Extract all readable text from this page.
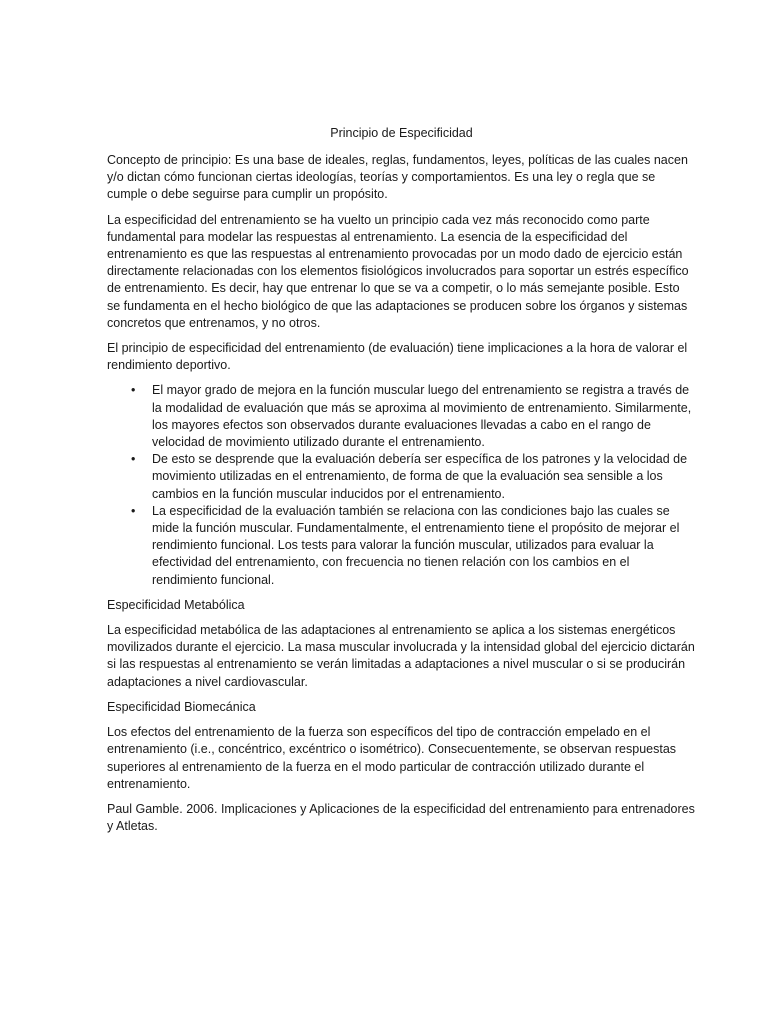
Principio de Especificidad

Concepto de principio: Es una base de ideales, reglas, fundamentos, leyes, políticas de las cuales nacen y/o dictan cómo funcionan ciertas ideologías, teorías y comportamientos. Es una ley o regla que se cumple o debe seguirse para cumplir un propósito.

La especificidad del entrenamiento se ha vuelto un principio cada vez más reconocido como parte fundamental para modelar las respuestas al entrenamiento. La esencia de la especificidad del entrenamiento es que las respuestas al entrenamiento provocadas por un modo dado de ejercicio están directamente relacionadas con los elementos fisiológicos involucrados para soportar un estrés específico de entrenamiento. Es decir, hay que entrenar lo que se va a competir, o lo más semejante posible. Esto se fundamenta en el hecho biológico de que las adaptaciones se producen sobre los órganos y sistemas concretos que entrenamos, y no otros.

El principio de especificidad del entrenamiento (de evaluación) tiene implicaciones a la hora de valorar el rendimiento deportivo.

• El mayor grado de mejora en la función muscular luego del entrenamiento se registra a través de la modalidad de evaluación que más se aproxima al movimiento de entrenamiento. Similarmente, los mayores efectos son observados durante evaluaciones llevadas a cabo en el rango de velocidad de movimiento utilizado durante el entrenamiento.
• De esto se desprende que la evaluación debería ser específica de los patrones y la velocidad de movimiento utilizadas en el entrenamiento, de forma de que la evaluación sea sensible a los cambios en la función muscular inducidos por el entrenamiento.
• La especificidad de la evaluación también se relaciona con las condiciones bajo las cuales se mide la función muscular. Fundamentalmente, el entrenamiento tiene el propósito de mejorar el rendimiento funcional. Los tests para valorar la función muscular, utilizados para evaluar la efectividad del entrenamiento, con frecuencia no tienen relación con los cambios en el rendimiento funcional.

Especificidad Metabólica

La especificidad metabólica de las adaptaciones al entrenamiento se aplica a los sistemas energéticos movilizados durante el ejercicio. La masa muscular involucrada y la intensidad global del ejercicio dictarán si las respuestas al entrenamiento se verán limitadas a adaptaciones a nivel muscular o si se producirán adaptaciones a nivel cardiovascular.

Especificidad Biomecánica

Los efectos del entrenamiento de la fuerza son específicos del tipo de contracción empelado en el entrenamiento (i.e., concéntrico, excéntrico o isométrico). Consecuentemente, se observan respuestas superiores al entrenamiento de la fuerza en el modo particular de contracción utilizado durante el entrenamiento.

Paul Gamble. 2006. Implicaciones y Aplicaciones de la especificidad del entrenamiento para entrenadores y Atletas.
